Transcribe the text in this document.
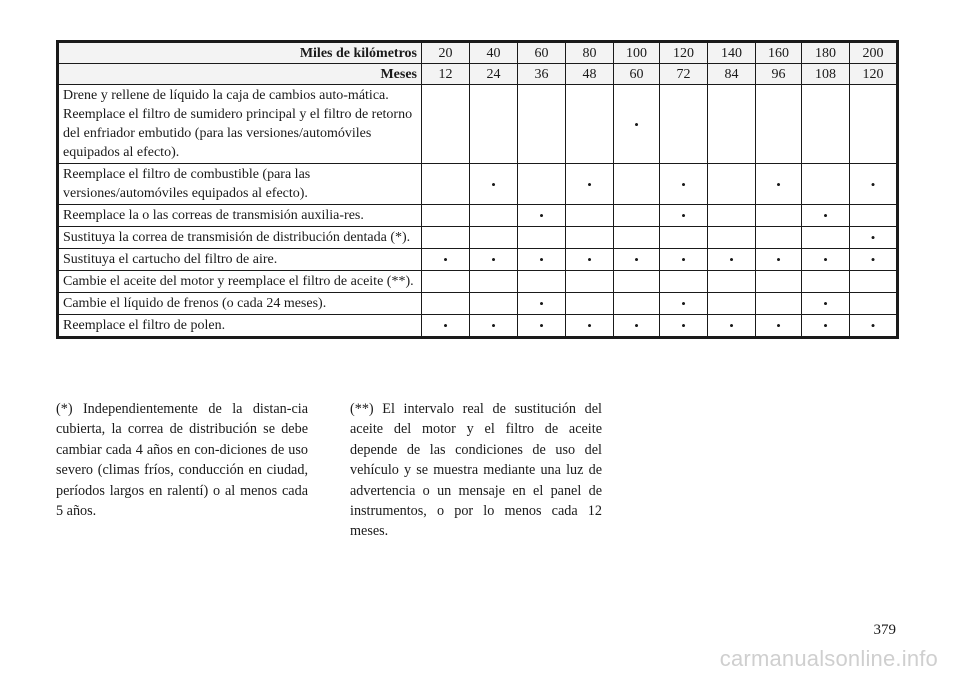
Miles de kilómetros	20	40	60	80	100	120	140	160	180	200
Meses	12	24	36	48	60	72	84	96	108	120
Drene y rellene de líquido la caja de cambios auto-mática. Reemplace el filtro de sumidero principal y el filtro de retorno del enfriador embutido (para las versiones/automóviles equipados al efecto).					•					
Reemplace el filtro de combustible (para las versiones/automóviles equipados al efecto).		•		•		•		•		•
Reemplace la o las correas de transmisión auxilia-res.			•			•			•	
Sustituya la correa de transmisión de distribución dentada (*).										•
Sustituya el cartucho del filtro de aire.	•	•	•	•	•	•	•	•	•	•
Cambie el aceite del motor y reemplace el filtro de aceite (**).										
Cambie el líquido de frenos (o cada 24 meses).			•			•			•	
Reemplace el filtro de polen.	•	•	•	•	•	•	•	•	•	•
(*) Independientemente de la distan-cia cubierta, la correa de distribución se debe cambiar cada 4 años en con-diciones de uso severo (climas fríos, conducción en ciudad, períodos largos en ralentí) o al menos cada 5 años.
(**) El intervalo real de sustitución del aceite del motor y el filtro de aceite depende de las condiciones de uso del vehículo y se muestra mediante una luz de advertencia o un mensaje en el panel de instrumentos, o por lo menos cada 12 meses.
379
carmanualsonline.info
